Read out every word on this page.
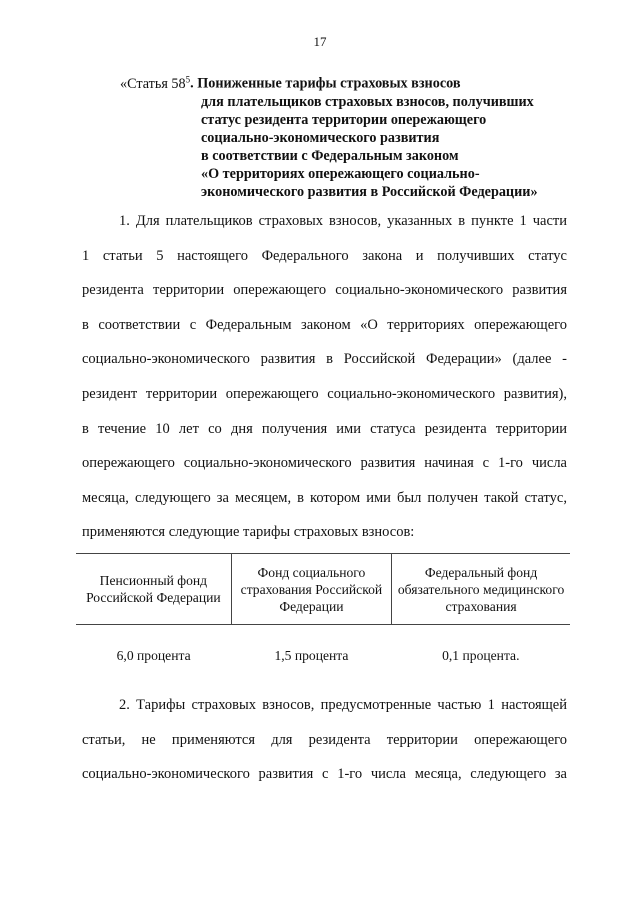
17
«Статья $58^5$. Пониженные тарифы страховых взносов
для плательщиков страховых взносов, получивших
статус резидента территории опережающего
социально-экономического развития
в соответствии с Федеральным законом
«О территориях опережающего социально-
экономического развития в Российской Федерации»
1. Для плательщиков страховых взносов, указанных в пункте 1 части
1 статьи 5 настоящего Федерального закона и получивших статус
резидента территории опережающего социально-экономического развития
в соответствии с Федеральным законом «О территориях опережающего
социально-экономического развития в Российской Федерации» (далее -
резидент территории опережающего социально-экономического развития),
в течение 10 лет со дня получения ими статуса резидента территории
опережающего социально-экономического развития начиная с 1-го числа
месяца, следующего за месяцем, в котором ими был получен такой статус,
применяются следующие тарифы страховых взносов:
Пенсионный фонд Российской Федерации	Фонд социального страхования Российской Федерации	Федеральный фонд обязательного медицинского страхования
6,0 процента	1,5 процента	0,1 процента.
2. Тарифы страховых взносов, предусмотренные частью 1 настоящей
статьи, не применяются для резидента территории опережающего
социально-экономического развития с 1-го числа месяца, следующего за
